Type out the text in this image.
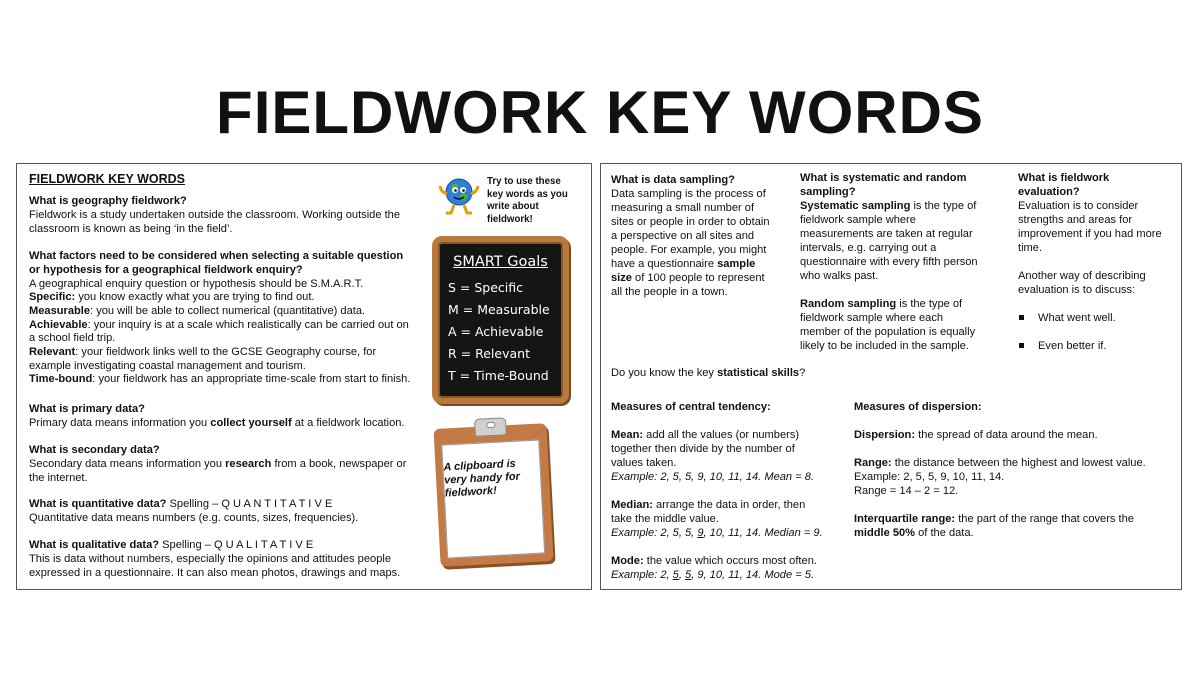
FIELDWORK KEY WORDS
FIELDWORK KEY WORDS	Try to use these key words as you write about fieldwork!
What is geography fieldwork?
Fieldwork is a study undertaken outside the classroom. Working outside the
classroom is known as being ‘in the field’.
What factors need to be considered when selecting a suitable question
or hypothesis for a geographical fieldwork enquiry?
A geographical enquiry question or hypothesis should be S.M.A.R.T.
Specific: you know exactly what you are trying to find out.
Measurable: you will be able to collect numerical (quantitative) data.
Achievable: your inquiry is at a scale which realistically can be carried out on
a school field trip.
Relevant: your fieldwork links well to the GCSE Geography course, for
example investigating coastal management and tourism.
Time-bound: your fieldwork has an appropriate time-scale from start to finish.
What is primary data?
Primary data means information you collect yourself at a fieldwork location.
What is secondary data?
Secondary data means information you research from a book, newspaper or
the internet.
What is quantitative data? Spelling – Q U A N T I T A T I V E
Quantitative data means numbers (e.g. counts, sizes, frequencies).
What is qualitative data? Spelling – Q U A L I T A T I V E
This is data without numbers, especially the opinions and attitudes people
expressed in a questionnaire. It can also mean photos, drawings and maps.
SMART Goals
S = Specific
M = Measurable
A = Achievable
R = Relevant
T = Time-Bound
A clipboard is very handy for fieldwork!
What is data sampling?
Data sampling is the process of
measuring a small number of
sites or people in order to obtain
a perspective on all sites and
people. For example, you might
have a questionnaire sample
size of 100 people to represent
all the people in a town.
What is systematic and random
sampling?
Systematic sampling is the type of
fieldwork sample where
measurements are taken at regular
intervals, e.g. carrying out a
questionnaire with every fifth person
who walks past.
Random sampling is the type of
fieldwork sample where each
member of the population is equally
likely to be included in the sample.
What is fieldwork
evaluation?
Evaluation is to consider
strengths and areas for
improvement if you had more
time.
Another way of describing
evaluation is to discuss:
What went well.
Even better if.
Do you know the key statistical skills?
Measures of central tendency:
Mean: add all the values (or numbers)
together then divide by the number of
values taken.
Example: 2, 5, 5, 9, 10, 11, 14. Mean = 8.
Median: arrange the data in order, then
take the middle value.
Example: 2, 5, 5, 9, 10, 11, 14. Median = 9.
Mode: the value which occurs most often.
Example: 2, 5, 5, 9, 10, 11, 14. Mode = 5.
Measures of dispersion:
Dispersion: the spread of data around the mean.
Range: the distance between the highest and lowest value.
Example: 2, 5, 5, 9, 10, 11, 14.
Range = 14 – 2 = 12.
Interquartile range: the part of the range that covers the
middle 50% of the data.
